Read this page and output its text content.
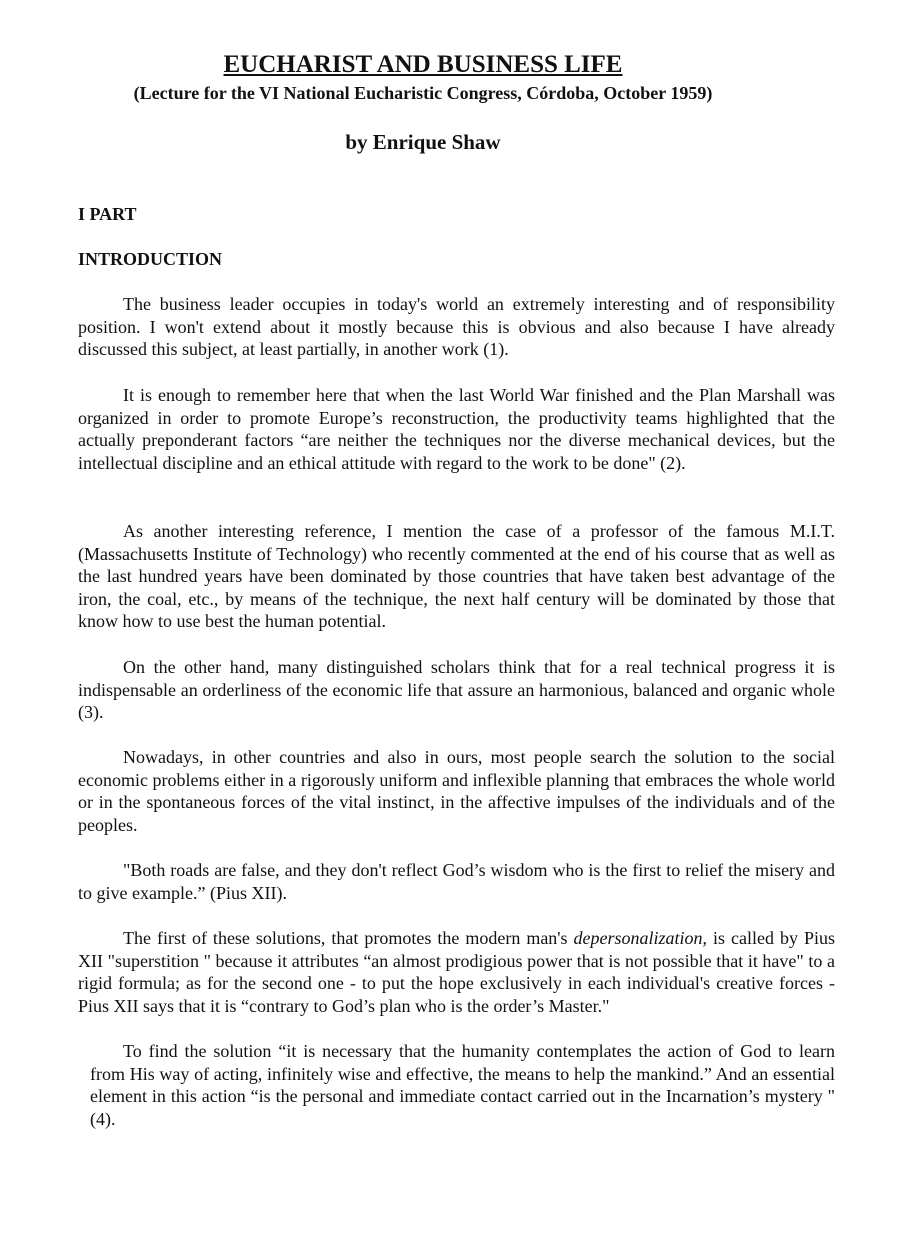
EUCHARIST AND BUSINESS LIFE
(Lecture for the VI National Eucharistic Congress, Córdoba, October 1959)
by Enrique Shaw
I PART
INTRODUCTION
The business leader occupies in today's world an extremely interesting and of responsibility position. I won't extend about it mostly because this is obvious and also because I have already discussed this subject, at least partially, in another work (1).
It is enough to remember here that when the last World War finished and the Plan Marshall was organized in order to promote Europe’s reconstruction, the productivity teams highlighted that the actually preponderant factors “are neither the techniques nor the diverse mechanical devices, but the intellectual discipline and an ethical attitude with regard to the work to be done" (2).
As another interesting reference, I mention the case of a professor of the famous M.I.T. (Massachusetts Institute of Technology) who recently commented at the end of his course that as well as the last hundred years have been dominated by those countries that have taken best advantage of the iron, the coal, etc., by means of the technique, the next half century will be dominated by those that know how to use best the human potential.
On the other hand, many distinguished scholars think that for a real technical progress it is indispensable an orderliness of the economic life that assure an harmonious, balanced and organic whole (3).
Nowadays, in other countries and also in ours, most people search the solution to the social economic problems either in a rigorously uniform and inflexible planning that embraces the whole world or in the spontaneous forces of the vital instinct, in the affective impulses of the individuals and of the peoples.
"Both roads are false, and they don't reflect God’s wisdom who is the first to relief the misery and to give example.” (Pius XII).
The first of these solutions, that promotes the modern man's depersonalization, is called by Pius XII "superstition " because it attributes “an almost prodigious power that is not possible that it have" to a rigid formula; as for the second one - to put the hope exclusively in each individual's creative forces - Pius XII says that it is “contrary to God’s plan who is the order’s Master."
To find the solution “it is necessary that the humanity contemplates the action of God to learn from His way of acting, infinitely wise and effective, the means to help the mankind.” And an essential element in this action “is the personal and immediate contact carried out in the Incarnation’s mystery " (4).
